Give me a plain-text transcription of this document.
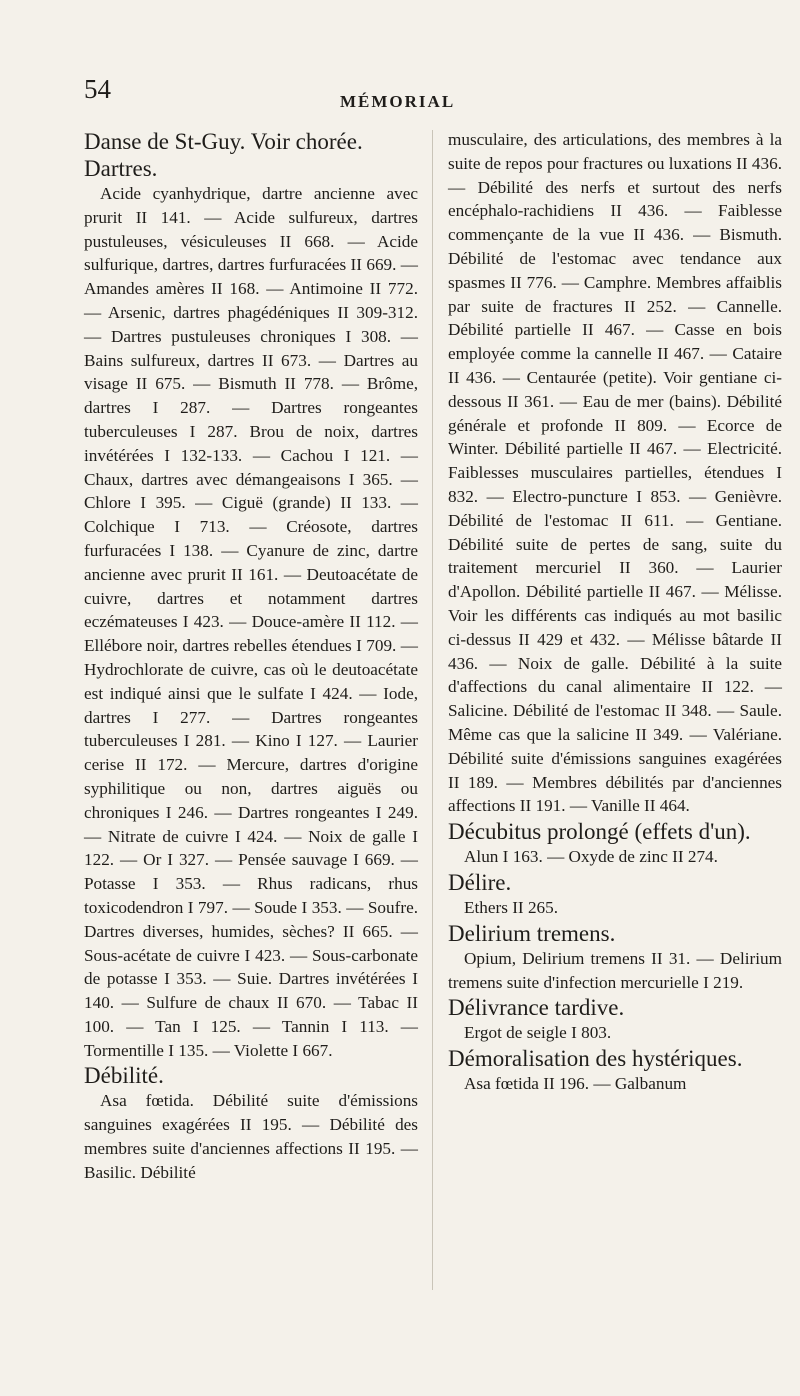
54	MÉMORIAL
Danse de St-Guy. Voir chorée.
Dartres.

Acide cyanhydrique, dartre ancienne avec prurit II 141. — Acide sulfureux, dartres pustuleuses, vésiculeuses II 668. — Acide sulfurique, dartres, dartres furfuracées II 669. — Amandes amères II 168. — Antimoine II 772. — Arsenic, dartres phagédéniques II 309-312. — Dartres pustuleuses chroniques I 308. — Bains sulfureux, dartres II 673. — Dartres au visage II 675. — Bismuth II 778. — Brôme, dartres I 287. — Dartres rongeantes tuberculeuses I 287. Brou de noix, dartres invétérées I 132-133. — Cachou I 121. — Chaux, dartres avec démangeaisons I 365. — Chlore I 395. — Ciguë (grande) II 133. — Colchique I 713. — Créosote, dartres furfuracées I 138. — Cyanure de zinc, dartre ancienne avec prurit II 161. — Deutoacétate de cuivre, dartres et notamment dartres eczémateuses I 423. — Douce-amère II 112. — Ellébore noir, dartres rebelles étendues I 709. — Hydrochlorate de cuivre, cas où le deutoacétate est indiqué ainsi que le sulfate I 424. — Iode, dartres I 277. — Dartres rongeantes tuberculeuses I 281. — Kino I 127. — Laurier cerise II 172. — Mercure, dartres d'origine syphilitique ou non, dartres aiguës ou chroniques I 246. — Dartres rongeantes I 249. — Nitrate de cuivre I 424. — Noix de galle I 122. — Or I 327. — Pensée sauvage I 669. — Potasse I 353. — Rhus radicans, rhus toxicodendron I 797. — Soude I 353. — Soufre. Dartres diverses, humides, sèches? II 665. — Sous-acétate de cuivre I 423. — Sous-carbonate de potasse I 353. — Suie. Dartres invétérées I 140. — Sulfure de chaux II 670. — Tabac II 100. — Tan I 125. — Tannin I 113. — Tormentille I 135. — Violette I 667.

Débilité.

Asa fœtida. Débilité suite d'émissions sanguines exagérées II 195. — Débilité des membres suite d'anciennes affections II 195. — Basilic. Débilité

musculaire, des articulations, des membres à la suite de repos pour fractures ou luxations II 436. — Débilité des nerfs et surtout des nerfs encéphalo-rachidiens II 436. — Faiblesse commençante de la vue II 436. — Bismuth. Débilité de l'estomac avec tendance aux spasmes II 776. — Camphre. Membres affaiblis par suite de fractures II 252. — Cannelle. Débilité partielle II 467. — Casse en bois employée comme la cannelle II 467. — Cataire II 436. — Centaurée (petite). Voir gentiane ci-dessous II 361. — Eau de mer (bains). Débilité générale et profonde II 809. — Ecorce de Winter. Débilité partielle II 467. — Electricité. Faiblesses musculaires partielles, étendues I 832. — Electro-puncture I 853. — Genièvre. Débilité de l'estomac II 611. — Gentiane. Débilité suite de pertes de sang, suite du traitement mercuriel II 360. — Laurier d'Apollon. Débilité partielle II 467. — Mélisse. Voir les différents cas indiqués au mot basilic ci-dessus II 429 et 432. — Mélisse bâtarde II 436. — Noix de galle. Débilité à la suite d'affections du canal alimentaire II 122. — Salicine. Débilité de l'estomac II 348. — Saule. Même cas que la salicine II 349. — Valériane. Débilité suite d'émissions sanguines exagérées II 189. — Membres débilités par d'anciennes affections II 191. — Vanille II 464.

Décubitus prolongé (effets d'un).

Alun I 163. — Oxyde de zinc II 274.

Délire.

Ethers II 265.

Delirium tremens.

Opium, Delirium tremens II 31. — Delirium tremens suite d'infection mercurielle I 219.

Délivrance tardive.

Ergot de seigle I 803.

Démoralisation des hystériques.

Asa fœtida II 196. — Galbanum
